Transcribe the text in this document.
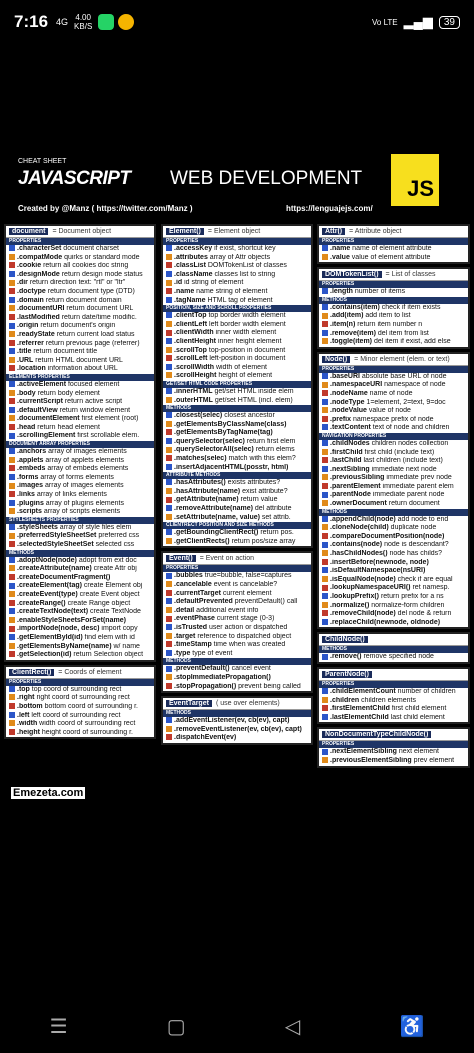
7:16 4G 4.00
KB/S	Vo LTE ▂▄▆	39
CHEAT SHEET
JAVASCRIPT WEB DEVELOPMENT
Created by @Manz ( https://twitter.com/Manz )	https://lenguajejs.com/
JS
document	= Document object
PROPERTIES
.characterSet document charset
.compatMode quirks or standard mode
.cookie return all cookies doc string
.designMode return design mode status
.dir return direction text: "rtl" or "ltr"
.doctype return document type (DTD)
.domain return document domain
.documentURI return document URL
.lastModified return date/time modific.
.origin return document's origin
.readyState return current load status
.referrer return previous page (referrer)
.title return document title
.URL return HTML document URL
.location information about URL
ELEMENTS PROPERTIES
.activeElement focused element
.body return body element
.currentScript return active script
.defaultView return window element
.documentElement first element (root)
.head return head element
.scrollingElement first scrollable elem.
DOCUMENT ARRAY PROPERTIES
.anchors array of images elements
.applets array of applets elements
.embeds array of embeds elements
.forms array of forms elements
.images array of images elements
.links array of links elements
.plugins array of plugins elements
.scripts array of scripts elements
STYLESHEETS PROPERTIES
.styleSheets array of style files elem
.preferredStyleSheetSet preferred css
.selectedStyleSheetSet selected css
METHODS
.adoptNode(node) adopt from ext doc
.createAttribute(name) create Attr obj
.createDocumentFragment()
.createElement(tag) create Element obj
.createEvent(type) create Event object
.createRange() create Range object
.createTextNode(text) create TextNode
.enableStyleSheetsForSet(name)
.importNode(node, desc) import copy
.getElementById(id) find elem with id
.getElementsByName(name) w/ name
.getSelection(id) return Selection object
ClientRect()	= Coords of element
PROPERTIES
.top top coord of surrounding rect
.right right coord of surrounding rect
.bottom bottom coord of surrounding r.
.left left coord of surrounding rect
.width width coord of surrounding rect
.height height coord of surrounding r.
Element()	= Element object
PROPERTIES
.accessKey if exist, shortcut key
.attributes array of Attr objects
.classList DOMTokenList of classes
.className classes list to string
.id id string of element
.name name string of element
.tagName HTML tag of element
POSITION, SIZE AND SCROLL PROPERTIES
.clientTop top border width element
.clientLeft left border width element
.clientWidth inner width element
.clientHeight inner height element
.scrollTop top-position in document
.scrollLeft left-position in document
.scrollWidth width of element
.scrollHeight height of element
GET/SET HTML CODE PROPERTIES
.innerHTML get/set HTML inside elem
.outerHTML get/set HTML (incl. elem)
METHODS
.closest(selec) closest ancestor
.getElementsByClassName(class)
.getElementsByTagName(tag)
.querySelector(selec) return first elem
.querySelectorAll(selec) return elems
.matches(selec) match with this elem?
.insertAdjacentHTML(posstr, html)
ATTRIBUTE METHODS
.hasAttributes() exists attributes?
.hasAttribute(name) exist attribute?
.getAttribute(name) return value
.removeAttribute(name) del attribute
.setAttribute(name, value) set attrib.
CLIENTRECT POSITION AND SIZE METHODS
.getBoundingClientRect() return pos.
.getClientRects() return pos/size array
Event()	= Event on action
PROPERTIES
.bubbles true=bubble, false=captures
.cancelable event is cancelable?
.currentTarget current element
.defaultPrevented preventDefault() call
.detail additional event info
.eventPhase current stage (0-3)
.isTrusted user action or dispatched
.target reference to dispatched object
.timeStamp time when was created
.type type of event
METHODS
.preventDefault() cancel event
.stopImmediatePropagation()
.stopPropagation() prevent being called
EventTarget	( use over elements)
METHODS
.addEventListener(ev, cb(ev), capt)
.removeEventListener(ev, cb(ev), capt)
.dispatchEvent(ev)
Attr()	= Attribute object
PROPERTIES
.name name of element attribute
.value value of element attribute
DOMTokenList()	= List of classes
PROPERTIES
.length number of items
METHODS
.contains(item) check if item exists
.add(item) add item to list
.item(n) return item number n
.remove(item) del item from list
.toggle(item) del item if exist, add else
Node()	= Minor element (elem. or text)
PROPERTIES
.baseURI absolute base URL of node
.namespaceURI namespace of node
.nodeName name of node
.nodeType 1=element, 2=text, 9=doc
.nodeValue value of node
.prefix namespace prefix of node
.textContent text of node and children
NAVIGATION PROPERTIES
.childNodes children nodes collection
.firstChild first child (include text)
.lastChild last children (include text)
.nextSibling immediate next node
.previousSibling immediate prev node
.parentElement immediate parent elem
.parentNode immediate parent node
.ownerDocument return document
METHODS
.appendChild(node) add node to end
.cloneNode(child) duplicate node
.compareDocumentPosition(node)
.contains(node) node is descendant?
.hasChildNodes() node has childs?
.insertBefore(newnode, node)
.isDefaultNamespace(nsURI)
.isEqualNode(node) check if are equal
.lookupNamespaceURI() ret namesp.
.lookupPrefix() return prefix for a ns
.normalize() normalize-form children
.removeChild(node) del node & return
.replaceChild(newnode, oldnode)
ChildNode()
METHODS
.remove() remove specified node
ParentNode()
PROPERTIES
.childElementCount number of children
.children children elements
.firstElementChild first child element
.lastElementChild last child element
NonDocumentTypeChildNode()
PROPERTIES
.nextElementSibling next element
.previousElementSibling prev element
Emezeta.com
☰	▢	◁	♿
